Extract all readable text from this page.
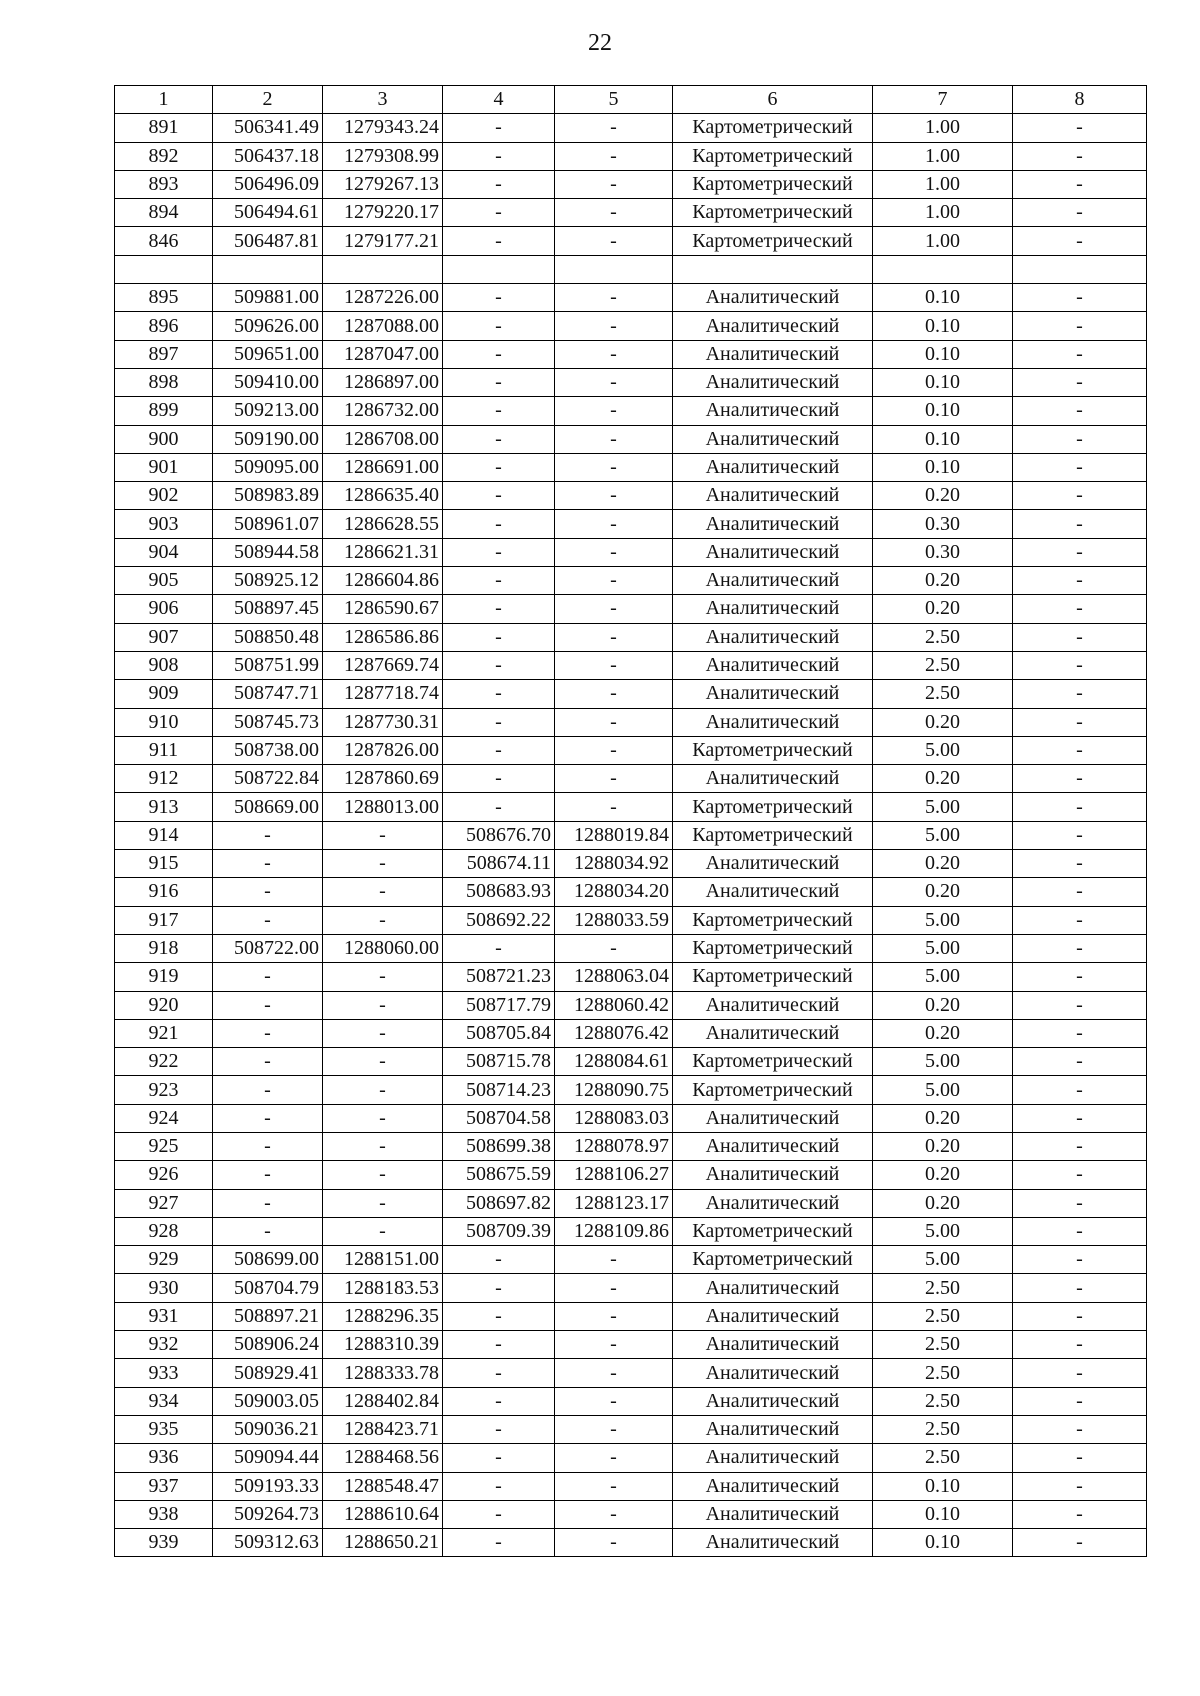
22
1	2	3	4	5	6	7	8
891	506341.49	1279343.24	-	-	Картометрический	1.00	-
892	506437.18	1279308.99	-	-	Картометрический	1.00	-
893	506496.09	1279267.13	-	-	Картометрический	1.00	-
894	506494.61	1279220.17	-	-	Картометрический	1.00	-
846	506487.81	1279177.21	-	-	Картометрический	1.00	-

895	509881.00	1287226.00	-	-	Аналитический	0.10	-
896	509626.00	1287088.00	-	-	Аналитический	0.10	-
897	509651.00	1287047.00	-	-	Аналитический	0.10	-
898	509410.00	1286897.00	-	-	Аналитический	0.10	-
899	509213.00	1286732.00	-	-	Аналитический	0.10	-
900	509190.00	1286708.00	-	-	Аналитический	0.10	-
901	509095.00	1286691.00	-	-	Аналитический	0.10	-
902	508983.89	1286635.40	-	-	Аналитический	0.20	-
903	508961.07	1286628.55	-	-	Аналитический	0.30	-
904	508944.58	1286621.31	-	-	Аналитический	0.30	-
905	508925.12	1286604.86	-	-	Аналитический	0.20	-
906	508897.45	1286590.67	-	-	Аналитический	0.20	-
907	508850.48	1286586.86	-	-	Аналитический	2.50	-
908	508751.99	1287669.74	-	-	Аналитический	2.50	-
909	508747.71	1287718.74	-	-	Аналитический	2.50	-
910	508745.73	1287730.31	-	-	Аналитический	0.20	-
911	508738.00	1287826.00	-	-	Картометрический	5.00	-
912	508722.84	1287860.69	-	-	Аналитический	0.20	-
913	508669.00	1288013.00	-	-	Картометрический	5.00	-
914	-	-	508676.70	1288019.84	Картометрический	5.00	-
915	-	-	508674.11	1288034.92	Аналитический	0.20	-
916	-	-	508683.93	1288034.20	Аналитический	0.20	-
917	-	-	508692.22	1288033.59	Картометрический	5.00	-
918	508722.00	1288060.00	-	-	Картометрический	5.00	-
919	-	-	508721.23	1288063.04	Картометрический	5.00	-
920	-	-	508717.79	1288060.42	Аналитический	0.20	-
921	-	-	508705.84	1288076.42	Аналитический	0.20	-
922	-	-	508715.78	1288084.61	Картометрический	5.00	-
923	-	-	508714.23	1288090.75	Картометрический	5.00	-
924	-	-	508704.58	1288083.03	Аналитический	0.20	-
925	-	-	508699.38	1288078.97	Аналитический	0.20	-
926	-	-	508675.59	1288106.27	Аналитический	0.20	-
927	-	-	508697.82	1288123.17	Аналитический	0.20	-
928	-	-	508709.39	1288109.86	Картометрический	5.00	-
929	508699.00	1288151.00	-	-	Картометрический	5.00	-
930	508704.79	1288183.53	-	-	Аналитический	2.50	-
931	508897.21	1288296.35	-	-	Аналитический	2.50	-
932	508906.24	1288310.39	-	-	Аналитический	2.50	-
933	508929.41	1288333.78	-	-	Аналитический	2.50	-
934	509003.05	1288402.84	-	-	Аналитический	2.50	-
935	509036.21	1288423.71	-	-	Аналитический	2.50	-
936	509094.44	1288468.56	-	-	Аналитический	2.50	-
937	509193.33	1288548.47	-	-	Аналитический	0.10	-
938	509264.73	1288610.64	-	-	Аналитический	0.10	-
939	509312.63	1288650.21	-	-	Аналитический	0.10	-
